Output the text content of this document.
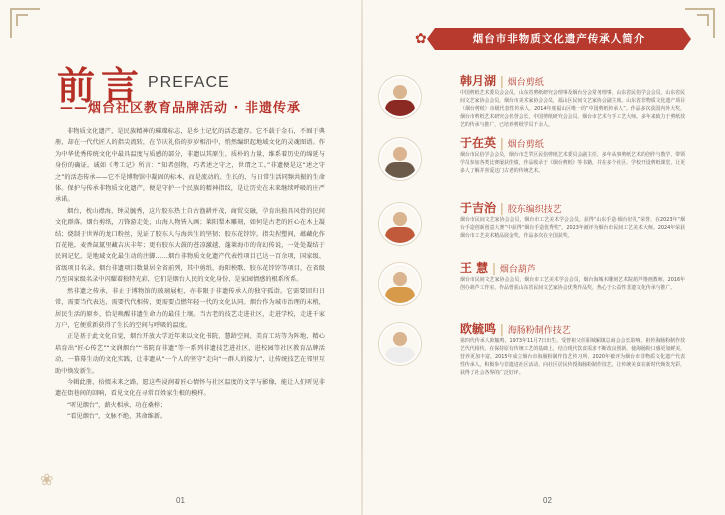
❀
前言 PREFACE
——烟台社区教育品牌活动 · 非遗传承

非物质文化遗产，是民族精神的璀璨标志，是乡土记忆的活态遗存。它不载于金石，不囿于典册，却在一代代匠人的指尖流转，在节庆礼俗的岁岁相沿中，悄然编织起地域文化的灵魂图谱。作为中华优秀传统文化中最具温度与质感的部分，非遗以其原生、质朴的力量，维系着历史的绵延与身份的确证。诚如《考工记》所言：“知者创物，巧者述之守之，世谓之工。”非遗便是这“述之守之”的活态传承——它不是博物馆中凝固的标本，而是流动的、生长的、与日常生活同频共振的生命体。保护与传承非物质文化遗产，便是守护一个民族的精神指纹，是让历史在未来继续呼吸的庄严承诺。

烟台，枕山襟海，钟灵毓秀，这片胶东热土自古渔耕并茂，商贸交融，孕育出独具风骨的民间文化群落。烟台剪纸，刀锋游走处，山海人物皆入画；莱阳梨木雕刻，如何是古老的匠心在木上凝结；烧制于世界的龙口粉丝，见证了胶东人与海共生的坚韧；胶东花饽饽，指尖捏塑间，蕴藏化作百花艳，麦香氤氲里藏吉庆丰年；更有胶东大鼓的苍凉激越、蓬莱海市的奇幻传说，一处处凝结于民间记忆，是地域文化最生动的注脚……烟台非物质文化遗产代表性项目已达一百余项，国家级、省级项目名录。烟台非遗项目数量居全省前列，其中剪纸、海阳秧歌、胶东花饽饽等项目，在省级乃至国家级名录中闪耀着独特光彩，它们是烟台人民的文化身份，是家园情感的根系所系。

然非遗之传承，非止于博物馆的玻璃展柜，亦非限于非遗传承人的独守孤诣。它需要回归日常，需要当代表达，需要代代相传，更需要点燃年轻一代的文化认同。烟台作为城市治理的末梢，居民生活的原乡，恰是唤醒非遗生命力的最佳土壤。当古老的技艺走进社区，走进学校，走进千家万户，它便重新获得了生长的空间与呼吸的温度。

正是基于此文化自觉，烟台开放大学近年来以文化书院、慧龄空间、美育工坊等为阵地，精心培育出“匠心传艺”“文润烟台”“书院育非遗”等一系列非遗技艺进社区、进校园等社区教育品牌活动，一幕幕生动的文化实践，让非遗从“一个人的坚守”走向“一群人的接力”，让传统技艺在邻里互助中焕发新生。

今辑此册，拾掇未来之路，愿这些浸润着匠心情怀与社区温度的文字与影像，能让人们听见非遗在街巷间的回响，看见文化在寻常百姓家生根的模样。

“听见烟台”，薪火相承，功在桑梓；

“看见烟台”，文脉不绝，其命维新。

01
烟台市非物质文化遗产传承人简介
✿
韩月湖 | 烟台剪纸
中国剪纸艺术委员会会员，山东省剪纸研究会理事及烟台分会常务理事，山东省民俗学会会员，山东省民间文艺家协会会员，烟台市美术家协会会员，福山区民间文艺家协会副主席。山东省非物质文化遗产项目（烟台剪纸）市级代表性传承人，2014年度福山区唯一的“中国剪纸传承人”。作品多次获国内外大奖，烟台市剪纸艺术研究会名誉会长，中国剪纸研究会会员，烟台市艺术与手工艺大师。多年来致力于剪纸技艺的传承与推广，已培养剪纸学员千余人。
于在英 | 烟台剪纸
烟台市民俗学会会员，烟台市芝罘区民俗剪纸艺术委员会副主任，多年从事剪纸艺术的创作与教学，带领学员参加各类比赛屡获佳绩，作品收录于《烟台剪纸》等书籍，并在多个社区、学校开设剪纸课堂，让更多人了解并喜爱这门古老的传统艺术。
于吉治 | 胶东编织技艺
烟台市民间文艺家协会会员，烟台市工艺美术学会会员。获得“山东手造·烟台好礼”荣誉，在2023年“烟台手造创新创意大赛”中获得“烟台手造优秀奖”。2023年被评为烟台市民间工艺美术大师。2024年荣获烟台市工艺美术精品展金奖，作品多次在全国获奖。
王 慧 | 烟台葫芦
烟台市民间文艺家协会会员，烟台市工艺美术学会会员，烟台海城木雕刻艺术院葫芦烙画教师，2016年创办葫芦工作室，作品曾获山东省民间文艺家协会优秀作品奖，热心于公益性非遗文化传承与推广。
欧毓鸣 | 海肠粉制作技艺
第四代传承人欧毓鸣，1973年11月7日出生。受曾祖父任职城厢镇总商会会长影响，祖传海肠粉制作技艺代代相传。在保持原有传统工艺的基础上，结合现代饮食需求不断改良创新，使海肠粉口感更加鲜美，营养更加丰富。2015年成立烟台市海肠粉制作技艺传习所，2020年被评为烟台市非物质文化遗产代表性传承人。积极参与非遗进社区活动，向社区居民传授海肠粉制作技艺，让传统美食在新时代焕发光彩，获得了社会各界的广泛好评。
02
